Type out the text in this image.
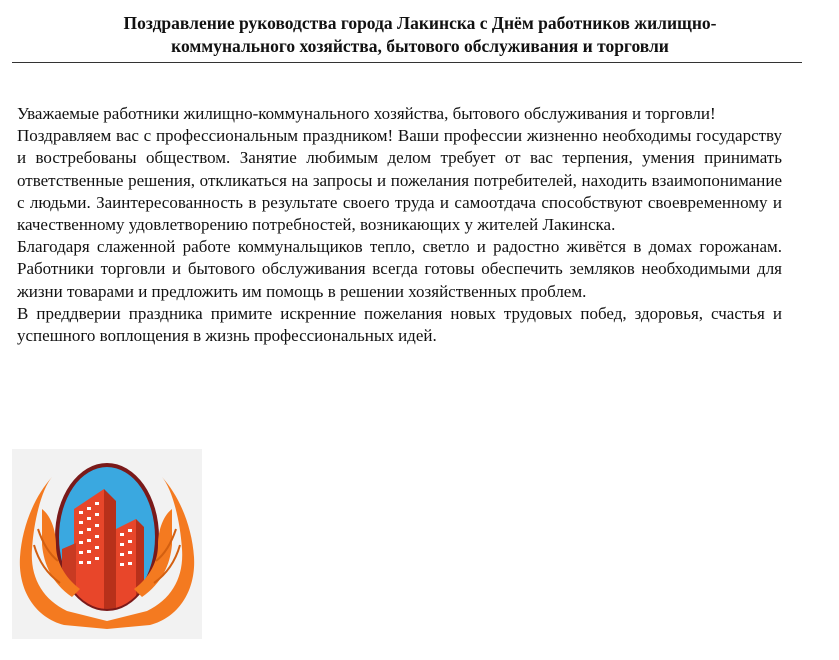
Поздравление руководства города Лакинска с Днём работников жилищно-
коммунального хозяйства, бытового обслуживания и торговли

Уважаемые работники жилищно-коммунального хозяйства, бытового обслуживания и торговли!

Поздравляем вас с профессиональным праздником! Ваши профессии жизненно необходимы государству и востребованы обществом. Занятие любимым делом требует от вас терпения, умения принимать ответственные решения, откликаться на запросы и пожелания потребителей, находить взаимопонимание с людьми. Заинтересованность в результате своего труда и самоотдача способствуют своевременному и качественному удовлетворению потребностей, возникающих у жителей Лакинска.

Благодаря слаженной работе коммунальщиков тепло, светло и радостно живётся в домах горожанам. Работники торговли и бытового обслуживания всегда готовы обеспечить земляков необходимыми для жизни товарами и предложить им помощь в решении хозяйственных проблем.

В преддверии праздника примите искренние пожелания новых трудовых побед, здоровья, счастья и успешного воплощения в жизнь профессиональных идей.
